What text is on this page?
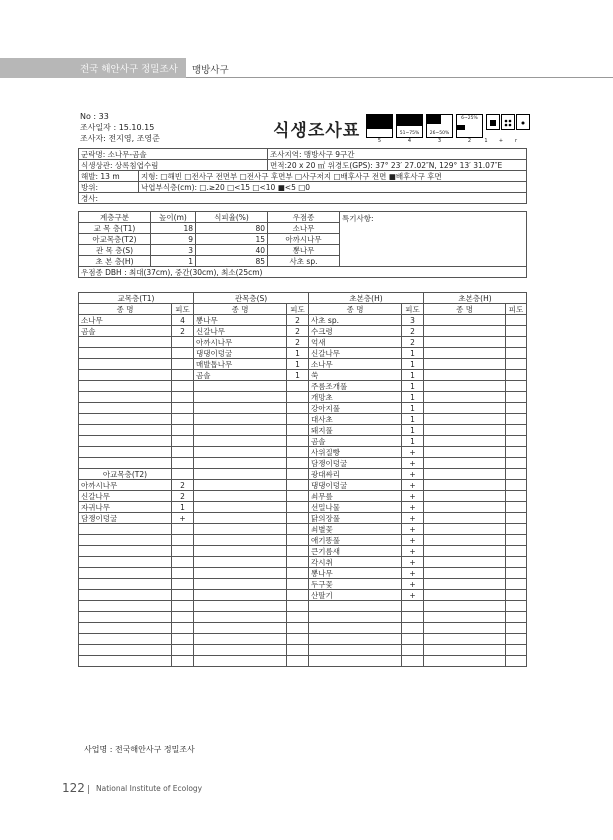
전국 해안사구 정밀조사 맹방사구
No : 33
조사일자 : 15.10.15
조사자: 전지영, 조영준	식생조사표 76~100%
5
51~75%
4
26~50%
3
6~25%
2	1	+	r
군락명: 소나무-곰솔		조사지역: 맹방사구 9구간
식생상관: 상록침엽수림		면적:20 x 20 ㎡ 위경도(GPS): 37° 23′ 27.02″N, 129° 13′ 31.07″E
해발: 13 m	지형: □해빈 □전사구 전면부 □전사구 후면부 □사구저지 □배후사구 전면 ■배후사구 후면	
방위:	낙엽부식층(cm): □.≥20 □<15 □<10 ■<5 □0	
경사:		
계층구분	높이(m)	식피율(%)	우점종	특기사항:
교 목 층(T1)	18	80	소나무	
아교목층(T2)	9	15	아까시나무	
관 목 층(S)	3	40	뽕나무	
초 본 층(H)	1	85	사초 sp.	
우점종 DBH : 최대(37cm), 중간(30cm), 최소(25cm)				
교목층(T1)		관목층(S)		초본층(H)		초본층(H)	
종 명	피도	종 명	피도	종 명	피도	종 명	피도
소나무	4	뽕나무	2	사초 sp.	3		
곰솔	2	신갈나무	2	수크령	2		
		아까시나무	2	억새	2		
		댕댕이덩굴	1	신갈나무	1		
		매발톱나무	1	소나무	1		
		곰솔	1	쑥	1		
				주름조개풀	1		
				개망초	1		
				강아지풀	1		
				대사초	1		
				돼지풀	1		
				곰솔	1		
				사위질빵	+		
				담쟁이덩굴	+		
아교목층(T2)				광대싸리	+		
아까시나무	2			댕댕이덩굴	+		
신갈나무	2			쇠무릎	+		
자귀나무	1			선밀나물	+		
담쟁이덩굴	+			닭의장풀	+		
				쇠별꽃	+		
				애기똥풀	+		
				큰기름새	+		
				각시취	+		
				뽕나무	+		
				두구꽃	+		
				산딸기	+		

사업명 : 전국해안사구 정밀조사
122 National Institute of Ecology
